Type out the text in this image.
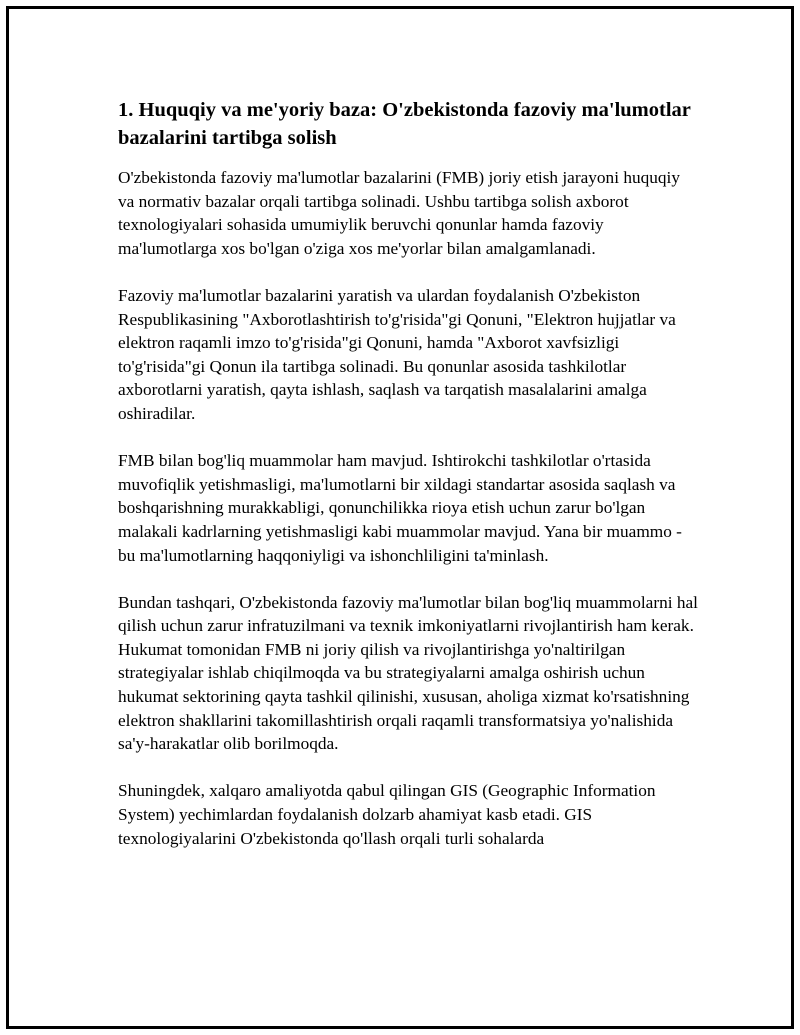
1. Huquqiy va me'yoriy baza: O'zbekistonda fazoviy ma'lumotlar bazalarini tartibga solish

O'zbekistonda fazoviy ma'lumotlar bazalarini (FMB) joriy etish jarayoni huquqiy va normativ bazalar orqali tartibga solinadi. Ushbu tartibga solish axborot texnologiyalari sohasida umumiylik beruvchi qonunlar hamda fazoviy ma'lumotlarga xos bo'lgan o'ziga xos me'yorlar bilan amalgamlanadi.

Fazoviy ma'lumotlar bazalarini yaratish va ulardan foydalanish O'zbekiston Respublikasining "Axborotlashtirish to'g'risida"gi Qonuni, "Elektron hujjatlar va elektron raqamli imzo to'g'risida"gi Qonuni, hamda "Axborot xavfsizligi to'g'risida"gi Qonun ila tartibga solinadi. Bu qonunlar asosida tashkilotlar axborotlarni yaratish, qayta ishlash, saqlash va tarqatish masalalarini amalga oshiradilar.

FMB bilan bog'liq muammolar ham mavjud. Ishtirokchi tashkilotlar o'rtasida muvofiqlik yetishmasligi, ma'lumotlarni bir xildagi standartar asosida saqlash va boshqarishning murakkabligi, qonunchilikka rioya etish uchun zarur bo'lgan malakali kadrlarning yetishmasligi kabi muammolar mavjud. Yana bir muammo - bu ma'lumotlarning haqqoniyligi va ishonchliligini ta'minlash.

Bundan tashqari, O'zbekistonda fazoviy ma'lumotlar bilan bog'liq muammolarni hal qilish uchun zarur infratuzilmani va texnik imkoniyatlarni rivojlantirish ham kerak. Hukumat tomonidan FMB ni joriy qilish va rivojlantirishga yo'naltirilgan strategiyalar ishlab chiqilmoqda va bu strategiyalarni amalga oshirish uchun hukumat sektorining qayta tashkil qilinishi, xususan, aholiga xizmat ko'rsatishning elektron shakllarini takomillashtirish orqali raqamli transformatsiya yo'nalishida sa'y-harakatlar olib borilmoqda.

Shuningdek, xalqaro amaliyotda qabul qilingan GIS (Geographic Information System) yechimlardan foydalanish dolzarb ahamiyat kasb etadi. GIS texnologiyalarini O'zbekistonda qo'llash orqali turli sohalarda
